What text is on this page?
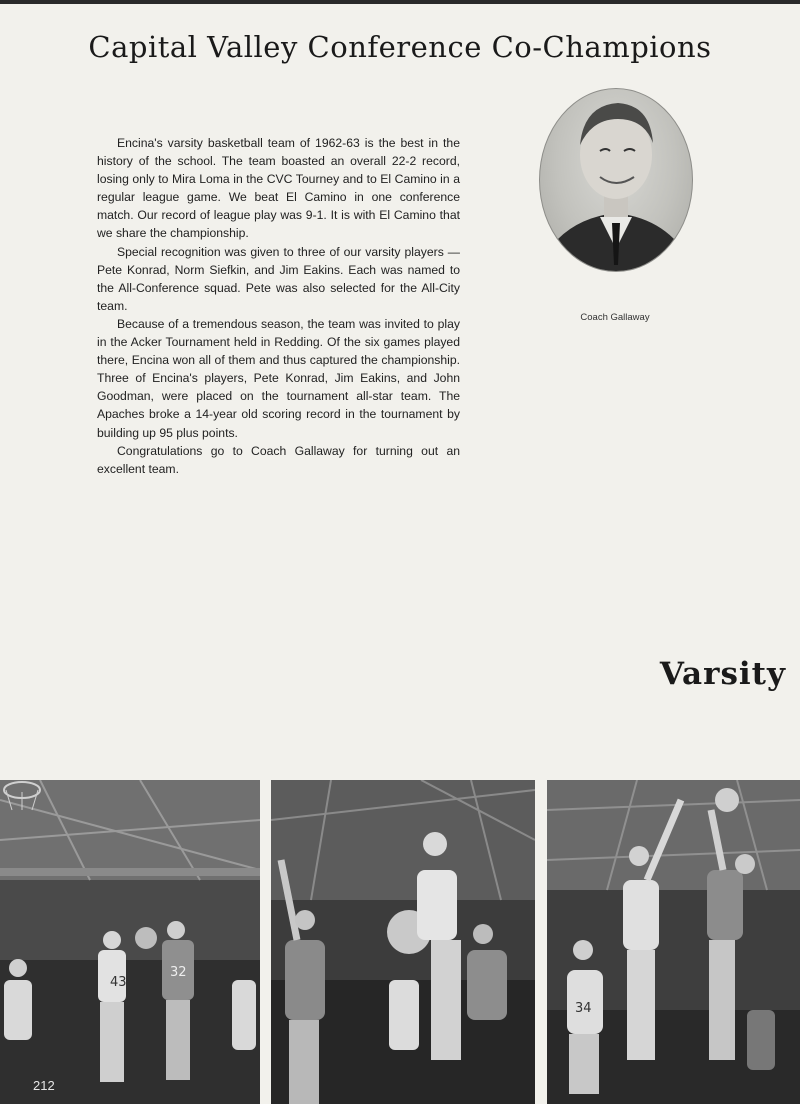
Capital Valley Conference Co-Champions

Encina's varsity basketball team of 1962-63 is the best in the history of the school. The team boasted an overall 22-2 record, losing only to Mira Loma in the CVC Tourney and to El Camino in a regular league game. We beat El Camino in one conference match. Our record of league play was 9-1. It is with El Camino that we share the championship.

Special recognition was given to three of our varsity players — Pete Konrad, Norm Siefkin, and Jim Eakins. Each was named to the All-Conference squad. Pete was also selected for the All-City team.

Because of a tremendous season, the team was invited to play in the Acker Tournament held in Redding. Of the six games played there, Encina won all of them and thus captured the championship. Three of Encina's players, Pete Konrad, Jim Eakins, and John Goodman, were placed on the tournament all-star team. The Apaches broke a 14-year old scoring record in the tournament by building up 95 plus points.

Congratulations go to Coach Gallaway for turning out an excellent team.

Coach Gallaway
Varsity
43
32
34
212
